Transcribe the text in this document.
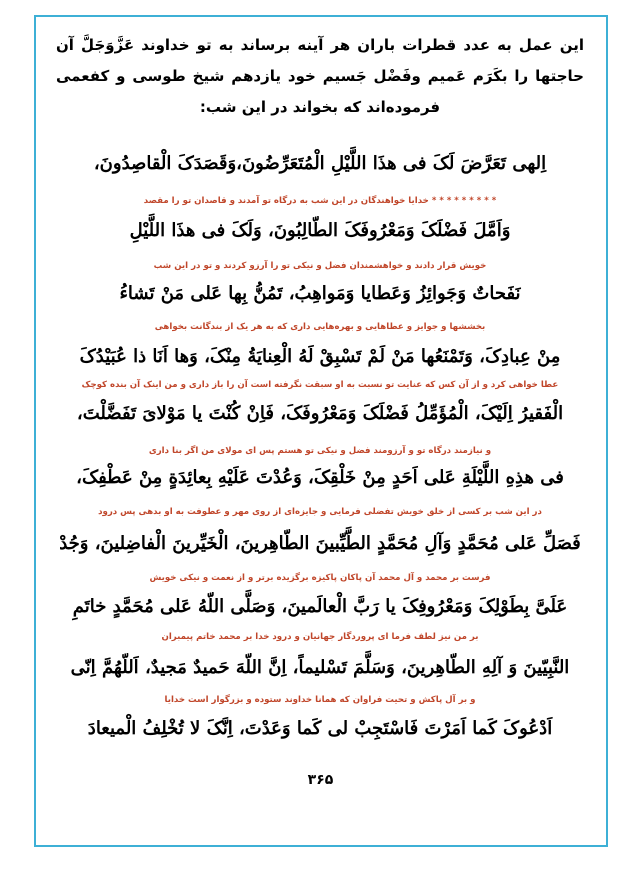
این عمل به عدد قطرات باران هر آینه برساند به تو خداوند عَزَّوَجَلَّ آن حاجتها را بکَرَم عَمیم وفَضْل جَسیم خود یازدهم شیخ طوسی و کفعمی فرموده‌اند که بخواند در این شب:

اِلهی تَعَرَّضَ لَکَ فی هذَا اللَّیْلِ الْمُتَعَرِّضُونَ،وَقَصَدَکَ الْقاصِدُونَ،

* * * * * * * * * خدایا خواهندگان در این شب به درگاه تو آمدند و قاصدان تو را مقصد

وَاَمَّلَ فَضْلَکَ وَمَعْرُوفَکَ الطّالِبُونَ، وَلَکَ فی هذَا اللَّیْلِ

خویش قرار دادند و خواهشمندان فضل و نیکی تو را آرزو کردند و تو در این شب

نَفَحاتٌ وَجَوائِزُ وَعَطایا وَمَواهِبُ، تَمُنُّ بِها عَلی مَنْ تَشاءُ

بخششها و جوایز و عطاهایی و بهره‌هایی داری که به هر یک از بندگانت بخواهی

مِنْ عِبادِکَ، وَتَمْنَعُها مَنْ لَمْ تَسْبِقْ لَهُ الْعِنایَةُ مِنْکَ، وَها اَنَا ذا عُبَیْدُکَ

عطا خواهی کرد و از آن کس که عنایت تو نسبت به او سبقت نگرفته است آن را باز داری و من اینک آن بنده کوچک

الْفَقیرُ اِلَیْکَ، الْمُؤَمِّلُ فَضْلَکَ وَمَعْرُوفَکَ، فَاِنْ کُنْتَ یا مَوْلایَ تَفَضَّلْتَ،

و نیازمند درگاه تو و آرزومند فضل و نیکی تو هستم پس ای مولای من اگر بنا داری

فی هذِهِ اللَّیْلَةِ عَلی اَحَدٍ مِنْ خَلْقِکَ، وَعُدْتَ عَلَیْهِ بِعائِدَةٍ مِنْ عَطْفِکَ،

در این شب بر کسی از خلق خویش تفضلی فرمایی و جایزه‌ای از روی مهر و عطوفت به او بدهی پس درود

فَصَلِّ عَلی مُحَمَّدٍ وَآلِ مُحَمَّدٍ الطَّیِّبینَ الطّاهِرینَ، الْخَیِّرینَ الْفاضِلینَ، وَجُدْ

فرست بر محمد و آل محمد آن پاکان پاکیزه برگزیده برتر و از نعمت و نیکی خویش

عَلَیَّ بِطَوْلِکَ وَمَعْرُوفِکَ یا رَبَّ الْعالَمینَ، وَصَلَّی اللّهُ عَلی مُحَمَّدٍ خاتَمِ

بر من نیز لطف فرما ای پروردگار جهانیان و درود خدا بر محمد خاتم پیمبران

النَّبِیّینَ وَ آلِهِ الطّاهِرینَ، وَسَلَّمَ تَسْلیماً، اِنَّ اللّهَ حَمیدٌ مَجیدٌ، اَللّهُمَّ اِنّی

و بر آل پاکش و تحیت فراوان که همانا خداوند ستوده و بزرگوار است خدایا

اَدْعُوکَ کَما اَمَرْتَ فَاسْتَجِبْ لی کَما وَعَدْتَ، اِنَّکَ لا تُخْلِفُ الْمیعادَ

۳۶۵
